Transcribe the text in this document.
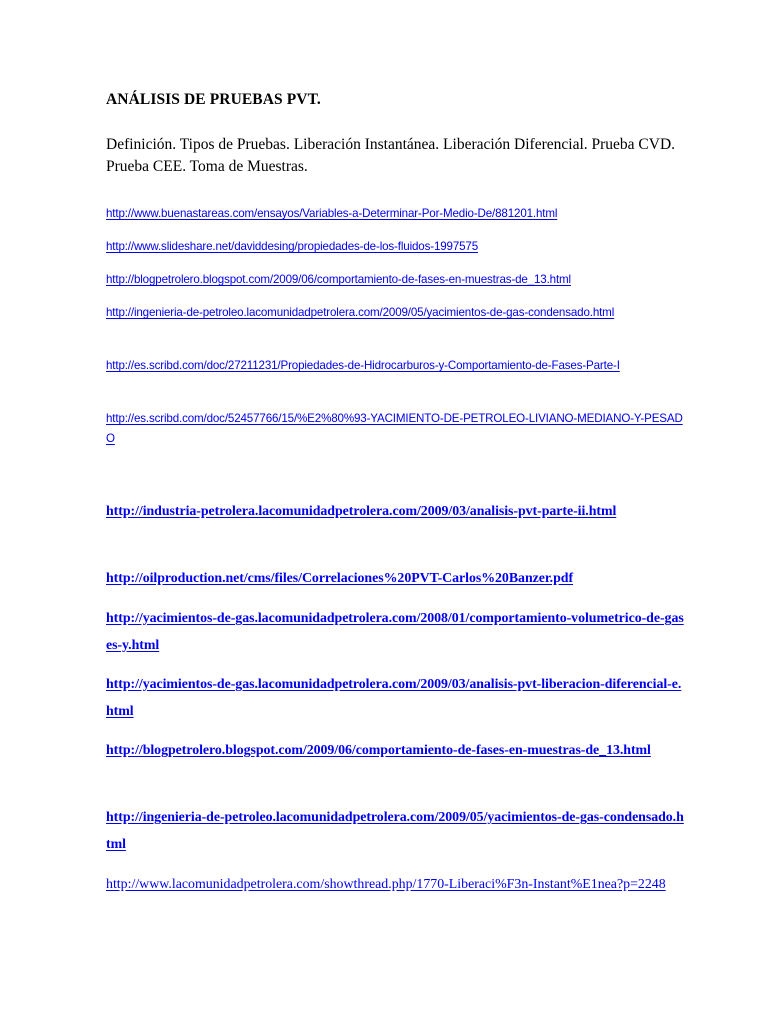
ANÁLISIS DE PRUEBAS PVT.

Definición. Tipos de Pruebas. Liberación Instantánea. Liberación Diferencial. Prueba CVD. Prueba CEE. Toma de Muestras.

http://www.buenastareas.com/ensayos/Variables-a-Determinar-Por-Medio-De/881201.html

http://www.slideshare.net/daviddesing/propiedades-de-los-fluidos-1997575

http://blogpetrolero.blogspot.com/2009/06/comportamiento-de-fases-en-muestras-de_13.html

http://ingenieria-de-petroleo.lacomunidadpetrolera.com/2009/05/yacimientos-de-gas-condensado.html

http://es.scribd.com/doc/27211231/Propiedades-de-Hidrocarburos-y-Comportamiento-de-Fases-Parte-I

http://es.scribd.com/doc/52457766/15/%E2%80%93-YACIMIENTO-DE-PETROLEO-LIVIANO-MEDIANO-Y-PESADO

http://industria-petrolera.lacomunidadpetrolera.com/2009/03/analisis-pvt-parte-ii.html

http://oilproduction.net/cms/files/Correlaciones%20PVT-Carlos%20Banzer.pdf

http://yacimientos-de-gas.lacomunidadpetrolera.com/2008/01/comportamiento-volumetrico-de-gases-y.html

http://yacimientos-de-gas.lacomunidadpetrolera.com/2009/03/analisis-pvt-liberacion-diferencial-e.html

http://blogpetrolero.blogspot.com/2009/06/comportamiento-de-fases-en-muestras-de_13.html

http://ingenieria-de-petroleo.lacomunidadpetrolera.com/2009/05/yacimientos-de-gas-condensado.html

http://www.lacomunidadpetrolera.com/showthread.php/1770-Liberaci%F3n-Instant%E1nea?p=2248
